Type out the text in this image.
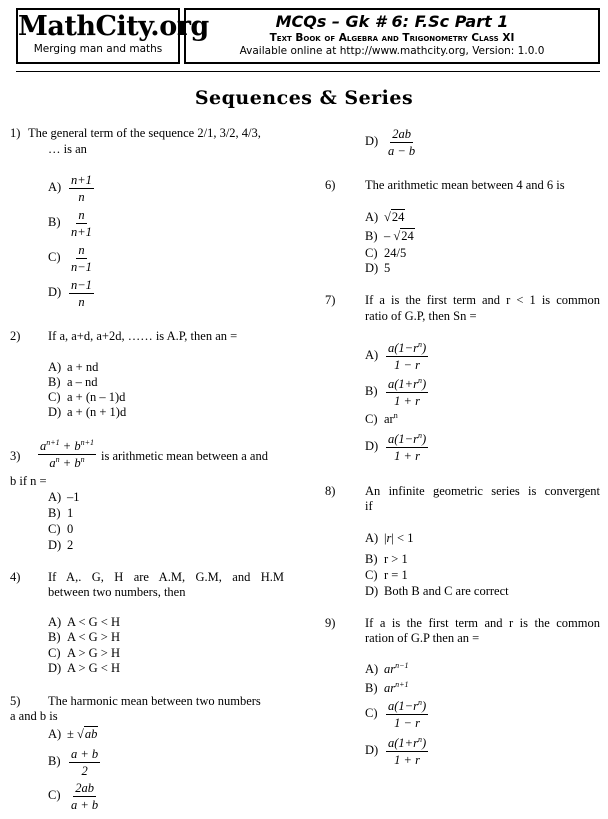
MathCity.org
Merging man and maths
MCQs – Gk # 6: F.Sc Part 1
Text Book of Algebra and Trigonometry Class XI
Available online at http://www.mathcity.org, Version: 1.0.0
Sequences & Series
1) The general term of the sequence 2/1, 3/2, 4/3,
… is an
$A) \frac{n+1}{n}$
$B) \frac{n}{n+1}$
$C) \frac{n}{n-1}$
$D) \frac{n-1}{n}$
2) If a, a+d, a+2d, …… is A.P, then an =
A) a + nd
B) a – nd
C) a + (n – 1)d
D) a + (n + 1)d
$3) \frac{a^{n+1} + b^{n+1}}{a^n + b^n}$ is arithmetic mean between a and
b if n =
A) –1
B) 1
C) 0
D) 2
4) If A,. G, H are A.M, G.M, and H.M
between two numbers, then
A) A < G < H
B) A < G > H
C) A > G > H
D) A > G < H
5) The harmonic mean between two numbers
a and b is
A) ± √ab
$B) \frac{a + b}{2}$
$C) \frac{2ab}{a + b}$
$D) \frac{2ab}{a - b}$
6) The arithmetic mean between 4 and 6 is
A) √24
B) – √24
C) 24/5
D) 5
7) If a is the first term and r < 1 is common
ratio of G.P, then Sn =
$A) \frac{a(1-r^n)}{1 - r}$
$B) \frac{a(1+r^n)}{1 + r}$
C) $ar^n$
$D) \frac{a(1-r^n)}{1 + r}$
8) An infinite geometric series is convergent
if
A) |r| < 1
B) r > 1
C) r = 1
D) Both B and C are correct
9) If a is the first term and r is the common
ration of G.P then an =
A) $ar^{n-1}$
B) $ar^{n+1}$
$C) \frac{a(1-r^n)}{1 - r}$
$D) \frac{a(1+r^n)}{1 + r}$
